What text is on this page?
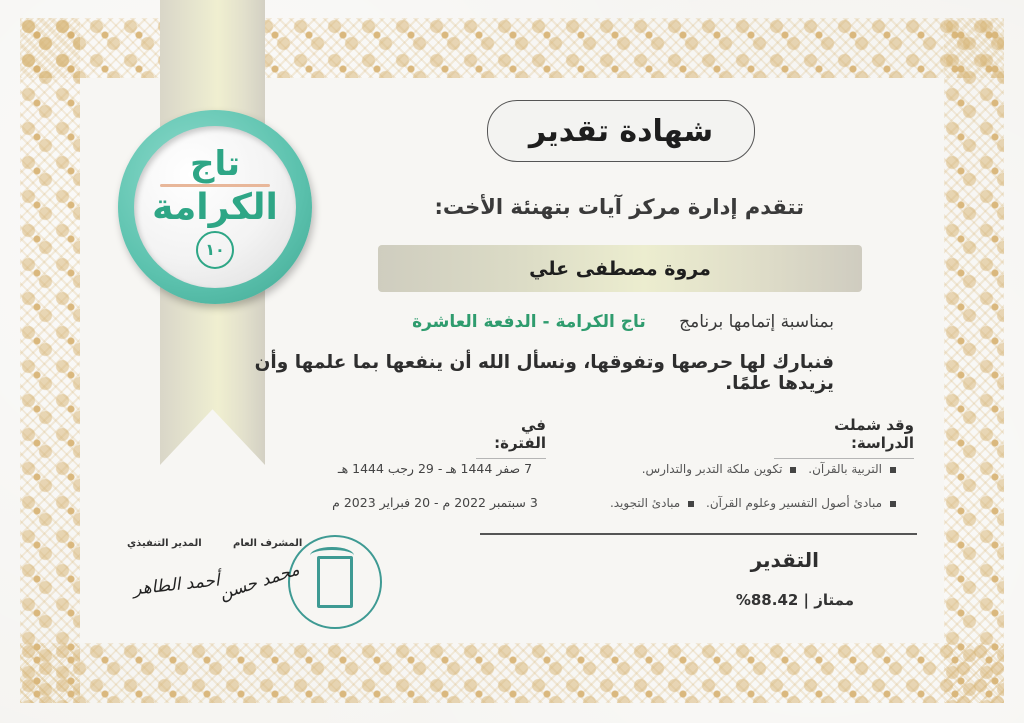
تاج
الكرامة
١٠
شهادة تقدير
تتقدم إدارة مركز آيات بتهنئة الأخت:
مروة مصطفى علي
بمناسبة إتمامها برنامج تاج الكرامة - الدفعة العاشرة
فنبارك لها حرصها وتفوقها، ونسأل الله أن ينفعها بما علمها وأن يزيدها علمًا.
وقد شملت الدراسة:
في الفترة:
التربية بالقرآن. تكوين ملكة التدبر والتدارس.
مبادئ أصول التفسير وعلوم القرآن. مبادئ التجويد.
7 صفر 1444 هـ - 29 رجب 1444 هـ
3 سبتمبر 2022 م - 20 فبراير 2023 م
التقدير
ممتاز | 88.42%
المشرف العام
المدير التنفيذي
محمد حسن
أحمد الطاهر
